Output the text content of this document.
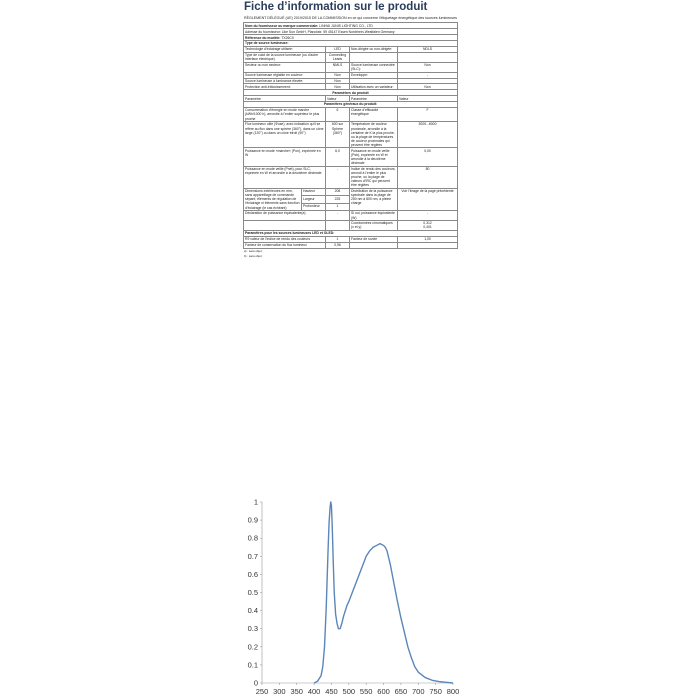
Fiche d’information sur le produit
RÈGLEMENT DÉLÉGUÉ (UE) 2019/2015 DE LA COMMISSION en ce qui concerne l’étiquetage énergétique des sources lumineuses
Nom du fournisseur ou marque commerciale: LINHAI JUNIS LIGHTING CO., LTD				
Adresse du fournisseur: Like Sun GmbH, Planckstr. 59 45147 Essen Nordrhein-Westfalen Germany				
Référence du modèle: TX26C0				
Type de source lumineuse:				
Technologie d’éclairage utilisée:		LED	Non-dirigée ou non-dirigée:	NDLS
Type de culot de la source lumineuse (ou d’autre interface électrique)		Connecting Leads		
Secteur ou non secteur:		NMLS	Source lumineuse connectée (SLC):	Non
Source lumineuse réglable en couleur:		Non	Enveloppe:	-
Source lumineuse à luminance élevée:		Non		
Protection anti-éblouissement:		Non	Utilisation avec un variateur:	Non
Paramètres du produit				
Paramètre		Valeur	Paramètre	Valeur
Paramètres généraux du produit:				
Consommation d’énergie en mode marche (kWh/1000 h), arrondie à l’entier supérieur le plus proche		6	Classe d’efficacité énergétique	F
Flux lumineux utile (Φuse), avec indication qu’il se réfère au flux dans une sphère (360°), dans un cône large (120°) ou dans un cône étroit (90°)		600 sur Sphère (360°)	Température de couleur proximale, arrondie à la centaine de K la plus proche, ou la plage de températures de couleur proximales qui peuvent être réglées	3000...6000
Puissance en mode «marche» (Pon), exprimée en W		6,0	Puissance en mode veille (Psb), exprimée en W et arrondie à la deuxième décimale	0,00
Puissance en mode veille (Pnet), pour SLC, exprimée en W et arrondie à la deuxième décimale		-	Indice de rendu des couleurs, arrondi à l’entier le plus proche, ou la plage de valeurs d’IRC qui peuvent être réglées	80
Dimensions extérieures en mm, sans appareillage de commande séparé, éléments de régulation de l’éclairage ni éléments sans fonction d’éclairage (le cas échéant)	Hauteur	208	Distribution de la puissance spectrale dans la plage de 250 nm à 800 nm, à pleine charge	Voir l’image de la page précédente
	Largeur	225		
	Profondeur	1		
Déclaration de puissance équivalente(a)		-	Si oui, puissance équivalente (W)	-
			Coordonnées chromatiques (x et y)	0,312
0,401
Paramètres pour les sources lumineuses LED et OLED:				
R9 valeur de l’indice de rendu des couleurs		1	Facteur de survie	1,00
Facteur de conservation du flux lumineux		0,96		
a) : sans objet;
b) : sans objet;
0
0.1
0.2
0.3
0.4
0.5
0.6
0.7
0.8
0.9
1
250 300 350 400 450 500 550 600 650 700 750 800
